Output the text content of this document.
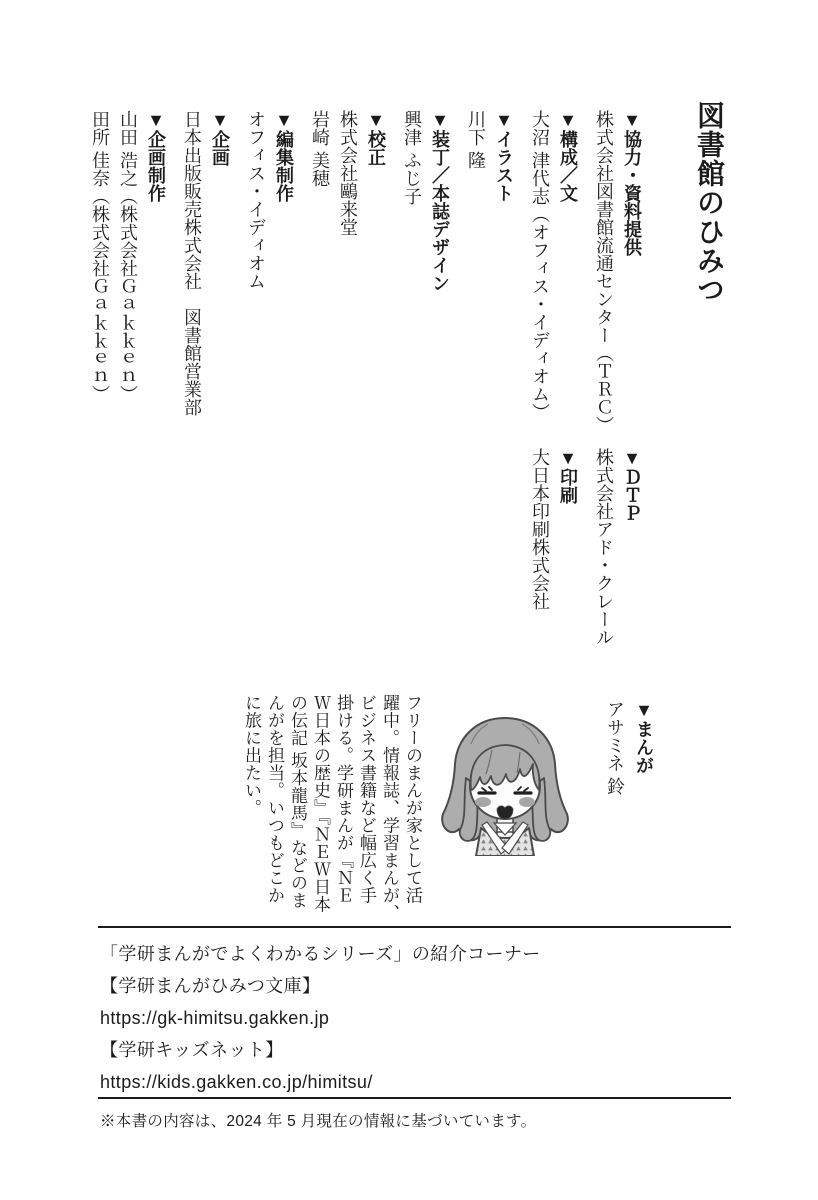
図書館のひみつ
▼協力・資料提供
株式会社図書館流通センター（ＴＲＣ）
▼構成／文
大沼 津代志（オフィス・イディオム）
▼イラスト
川下 隆
▼装丁／本誌デザイン
興津 ふじ子
▼校正
株式会社鷗来堂
岩崎 美穂
▼編集制作
オフィス・イディオム
▼企画
日本出版販売株式会社　図書館営業部
▼企画制作
山田 浩之（株式会社Ｇａｋｋｅｎ）
田所 佳奈（株式会社Ｇａｋｋｅｎ）
▼ＤＴＰ
株式会社アド・クレール
▼印刷
大日本印刷株式会社
▼まんが
アサミネ 鈴
フリーのまんが家として活
躍中。情報誌、学習まんが、
ビジネス書籍など幅広く手
掛ける。学研まんが『ＮＥ
Ｗ日本の歴史』『ＮＥＷ日本
の伝記 坂本龍馬』などのま
んがを担当。いつもどこか
に旅に出たい。
「学研まんがでよくわかるシリーズ」の紹介コーナー
【学研まんがひみつ文庫】
https://gk-himitsu.gakken.jp
【学研キッズネット】
https://kids.gakken.co.jp/himitsu/
※本書の内容は、2024 年 5 月現在の情報に基づいています。
